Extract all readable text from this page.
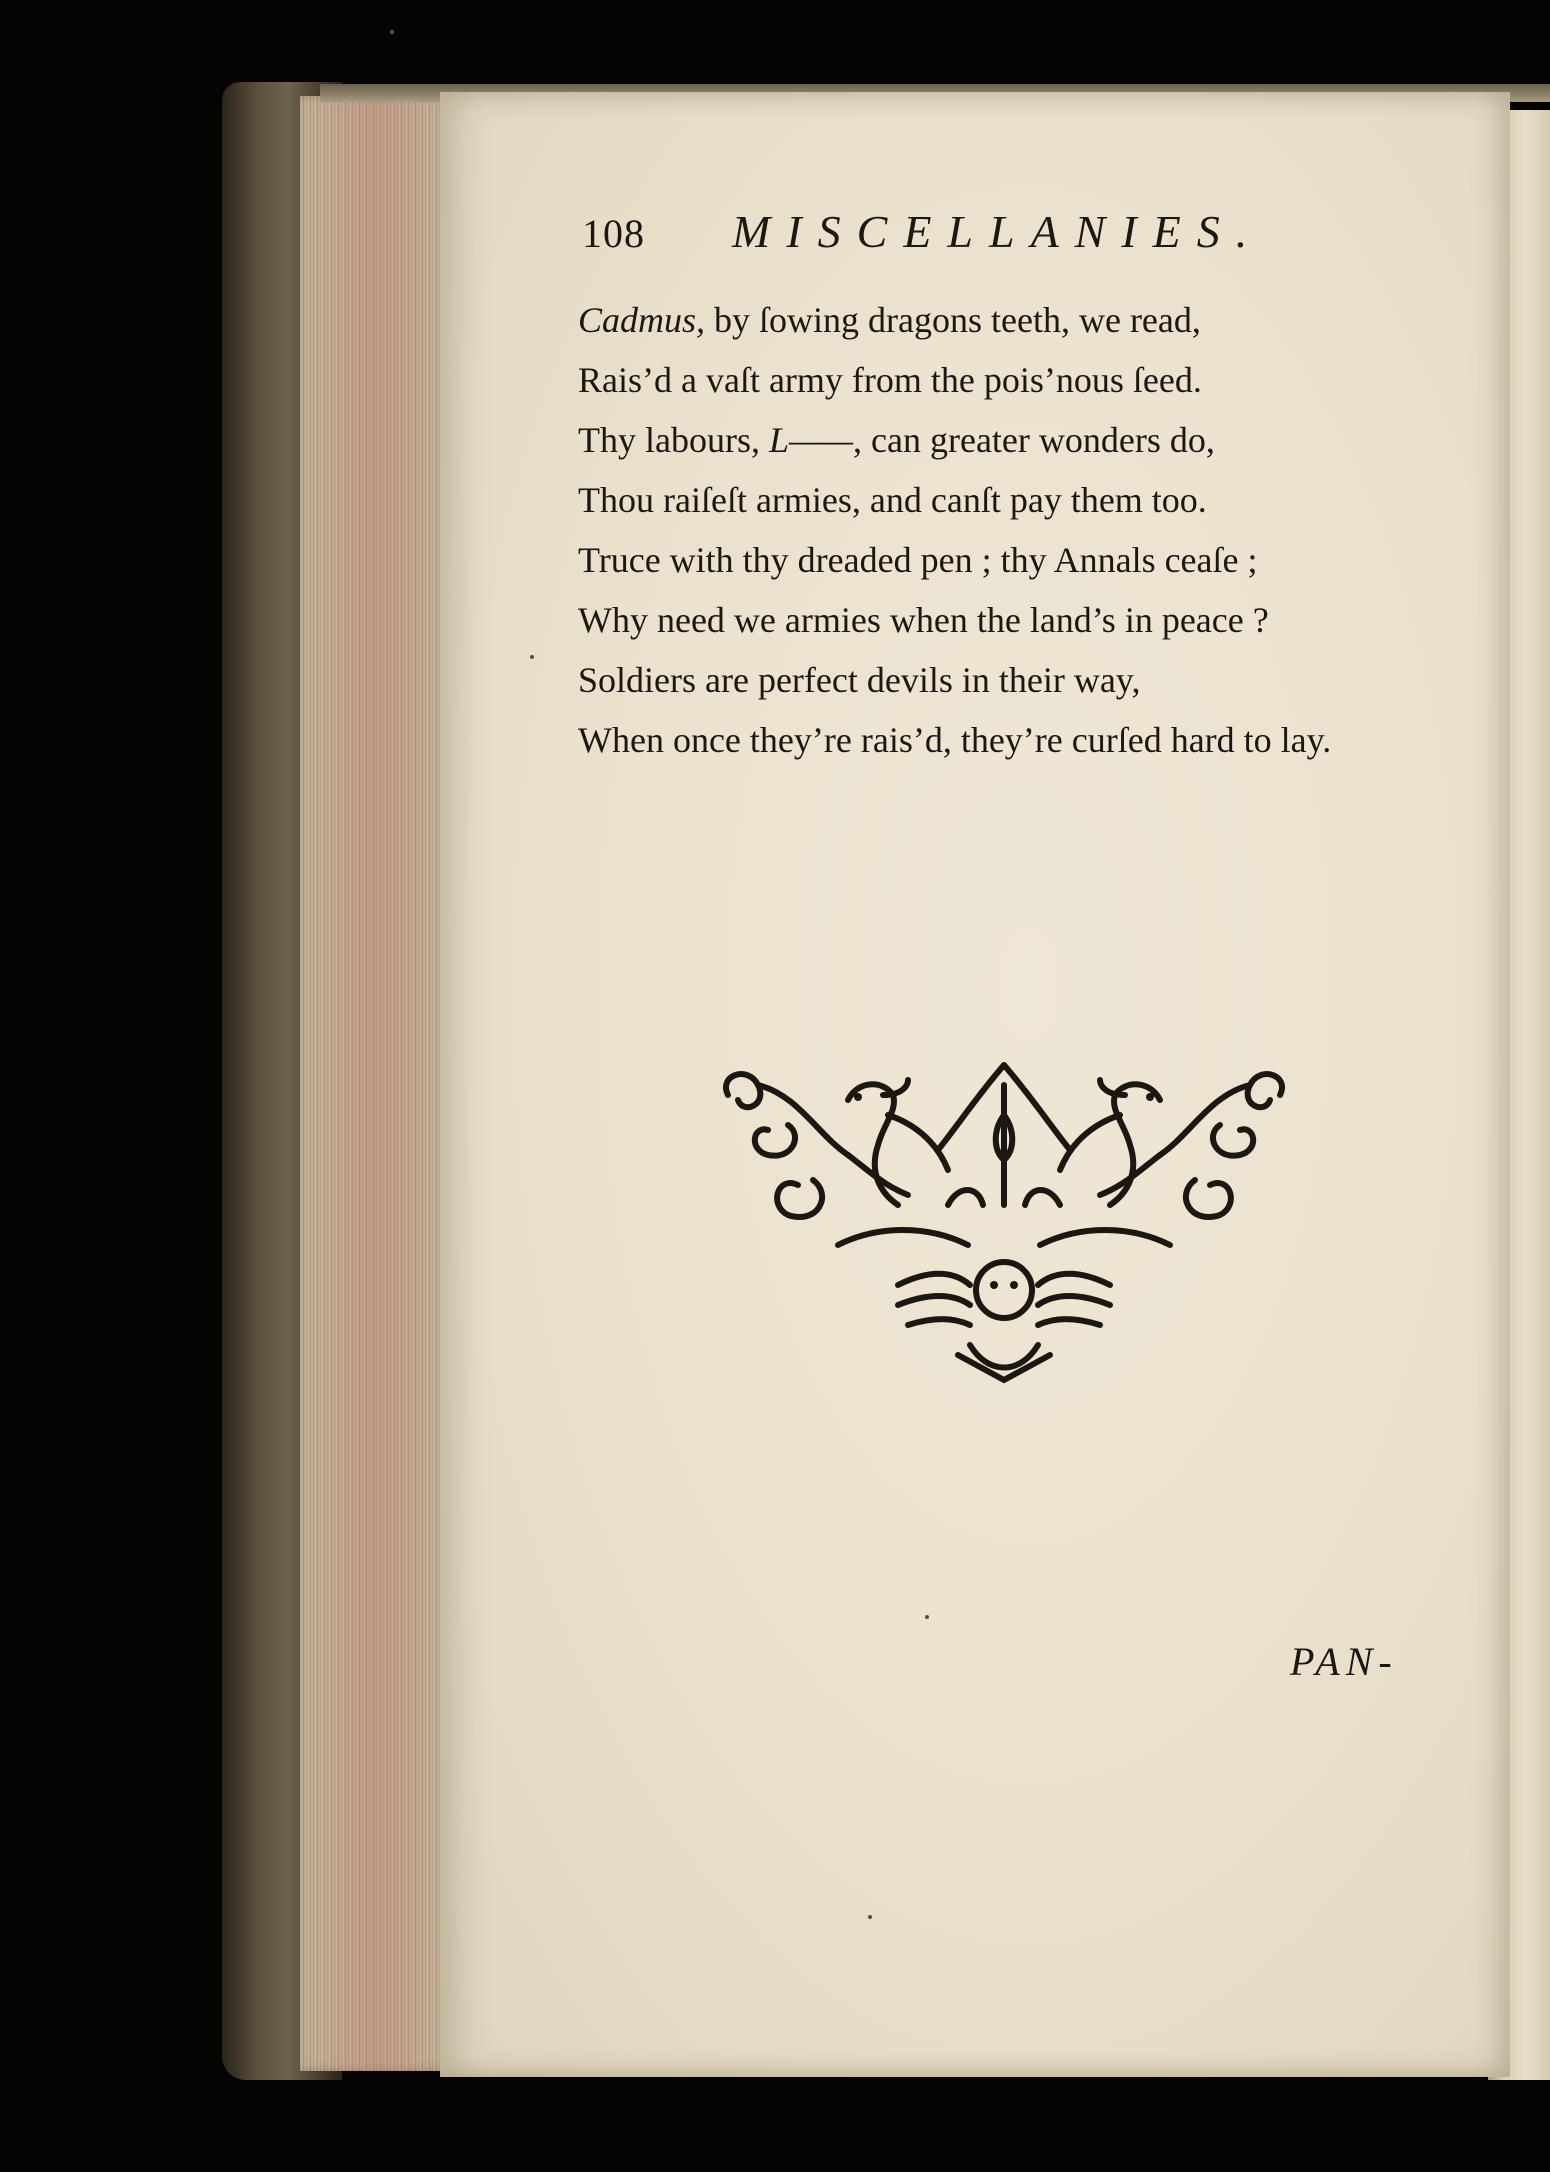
108	MISCELLANIES.
Cadmus, by ſowing dragons teeth, we read,
Rais’d a vaſt army from the pois’nous ſeed.
Thy labours, L——, can greater wonders do,
Thou raiſeſt armies, and canſt pay them too.
Truce with thy dreaded pen ; thy Annals ceaſe ;
Why need we armies when the land’s in peace ?
Soldiers are perfect devils in their way,
When once they’re rais’d, they’re curſed hard to lay.
PAN-
